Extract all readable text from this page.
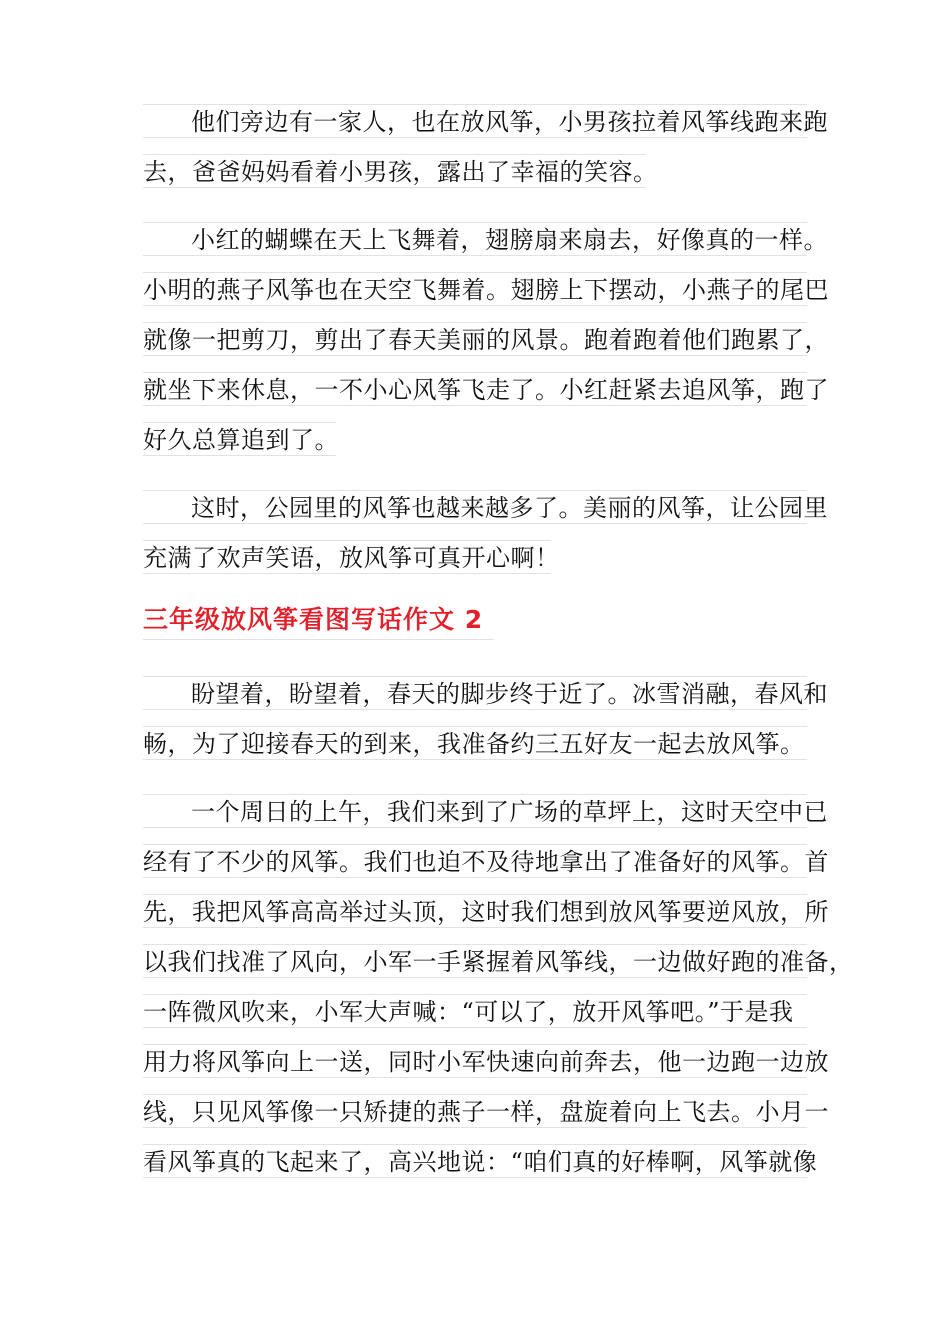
他们旁边有一家人，也在放风筝，小男孩拉着风筝线跑来跑
去，爸爸妈妈看着小男孩，露出了幸福的笑容。
小红的蝴蝶在天上飞舞着，翅膀扇来扇去，好像真的一样。
小明的燕子风筝也在天空飞舞着。翅膀上下摆动，小燕子的尾巴
就像一把剪刀，剪出了春天美丽的风景。跑着跑着他们跑累了，
就坐下来休息，一不小心风筝飞走了。小红赶紧去追风筝，跑了
好久总算追到了。
这时，公园里的风筝也越来越多了。美丽的风筝，让公园里
充满了欢声笑语，放风筝可真开心啊！
三年级放风筝看图写话作文 2
盼望着，盼望着，春天的脚步终于近了。冰雪消融，春风和
畅，为了迎接春天的到来，我准备约三五好友一起去放风筝。
一个周日的上午，我们来到了广场的草坪上，这时天空中已
经有了不少的风筝。我们也迫不及待地拿出了准备好的风筝。首
先，我把风筝高高举过头顶，这时我们想到放风筝要逆风放，所
以我们找准了风向，小军一手紧握着风筝线，一边做好跑的准备，
一阵微风吹来，小军大声喊：“可以了，放开风筝吧。”于是我
用力将风筝向上一送，同时小军快速向前奔去，他一边跑一边放
线，只见风筝像一只矫捷的燕子一样，盘旋着向上飞去。小月一
看风筝真的飞起来了，高兴地说：“咱们真的好棒啊，风筝就像
